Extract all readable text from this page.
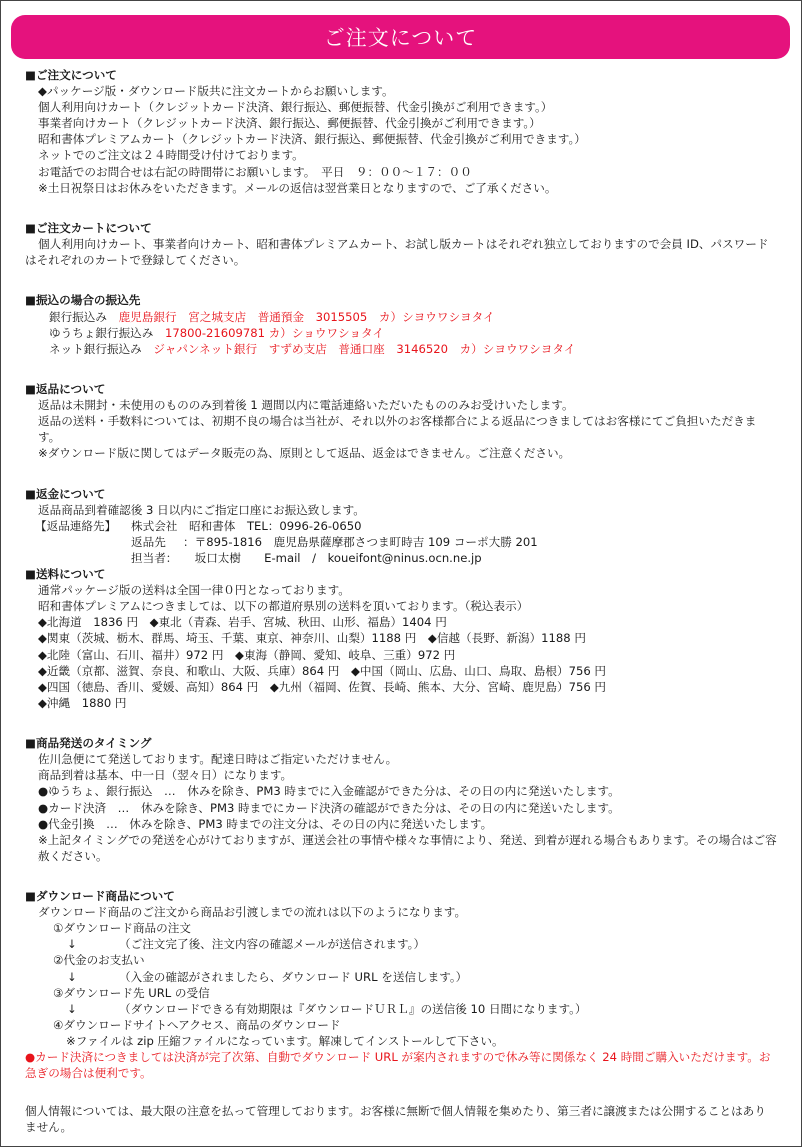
ご注文について
■ご注文について
◆パッケージ版・ダウンロード版共に注文カートからお願いします。
個人利用向けカート（クレジットカード決済、銀行振込、郵便振替、代金引換がご利用できます。）
事業者向けカート（クレジットカード決済、銀行振込、郵便振替、代金引換がご利用できます。）
昭和書体プレミアムカート（クレジットカード決済、銀行振込、郵便振替、代金引換がご利用できます。）
ネットでのご注文は２４時間受け付けております。
お電話でのお問合せは右記の時間帯にお願いします。　平日　９：００〜１７：００
※土日祝祭日はお休みをいただきます。メールの返信は翌営業日となりますので、ご了承ください。
■ご注文カートについて
個人利用向けカート、事業者向けカート、昭和書体プレミアムカート、お試し版カートはそれぞれ独立しておりますので会員 ID、パスワードはそれぞれのカートで登録してください。
■振込の場合の振込先
銀行振込み　鹿児島銀行　宮之城支店　普通預金　3015505　カ）シヨウワシヨタイ
ゆうちょ銀行振込み　17800-21609781 カ）ショウワショタイ
ネット銀行振込み　ジャパンネット銀行　すずめ支店　普通口座　3146520　カ）シヨウワシヨタイ
■返品について
返品は未開封・未使用のもののみ到着後 1 週間以内に電話連絡いただいたもののみお受けいたします。
返品の送料・手数料については、初期不良の場合は当社が、それ以外のお客様都合による返品につきましてはお客様にてご負担いただきます。
※ダウンロード版に関してはデータ販売の為、原則として返品、返金はできません。ご注意ください。
■返金について
返品商品到着確認後 3 日以内にご指定口座にお振込致します。
【返品連絡先】 株式会社　昭和書体　TEL：0996-26-0650
返品先 ：〒895-1816　鹿児島県薩摩郡さつま町時吉 109 コーポ大勝 201
担当者：　坂口太樹　　E-mail　/　koueifont@ninus.ocn.ne.jp
■送料について
通常パッケージ版の送料は全国一律０円となっております。
昭和書体プレミアムにつきましては、以下の都道府県別の送料を頂いております。（税込表示）
◆北海道　1836 円　◆東北（青森、岩手、宮城、秋田、山形、福島）1404 円
◆関東（茨城、栃木、群馬、埼玉、千葉、東京、神奈川、山梨）1188 円　◆信越（長野、新潟）1188 円
◆北陸（富山、石川、福井）972 円　◆東海（静岡、愛知、岐阜、三重）972 円
◆近畿（京都、滋賀、奈良、和歌山、大阪、兵庫）864 円　◆中国（岡山、広島、山口、鳥取、島根）756 円
◆四国（徳島、香川、愛媛、高知）864 円　◆九州（福岡、佐賀、長崎、熊本、大分、宮崎、鹿児島）756 円
◆沖縄　1880 円
■商品発送のタイミング
佐川急便にて発送しております。配達日時はご指定いただけません。
商品到着は基本、中一日（翌々日）になります。
●ゆうちょ、銀行振込　…　休みを除き、PM3 時までに入金確認ができた分は、その日の内に発送いたします。
●カード決済　…　休みを除き、PM3 時までにカード決済の確認ができた分は、その日の内に発送いたします。
●代金引換　…　休みを除き、PM3 時までの注文分は、その日の内に発送いたします。
※上記タイミングでの発送を心がけておりますが、運送会社の事情や様々な事情により、発送、到着が遅れる場合もあります。その場合はご容赦ください。
■ダウンロード商品について
ダウンロード商品のご注文から商品お引渡しまでの流れは以下のようになります。
①ダウンロード商品の注文
↓	（ご注文完了後、注文内容の確認メールが送信されます。）
②代金のお支払い
↓	（入金の確認がされましたら、ダウンロード URL を送信します。）
③ダウンロード先 URL の受信
↓	（ダウンロードできる有効期限は『ダウンロードＵＲＬ』の送信後 10 日間になります。）
④ダウンロードサイトへアクセス、商品のダウンロード
※ファイルは zip 圧縮ファイルになっています。解凍してインストールして下さい。
●カード決済につきましては決済が完了次第、自動でダウンロード URL が案内されますので休み等に関係なく 24 時間ご購入いただけます。お急ぎの場合は便利です。
個人情報については、最大限の注意を払って管理しております。お客様に無断で個人情報を集めたり、第三者に譲渡または公開することはありません。
